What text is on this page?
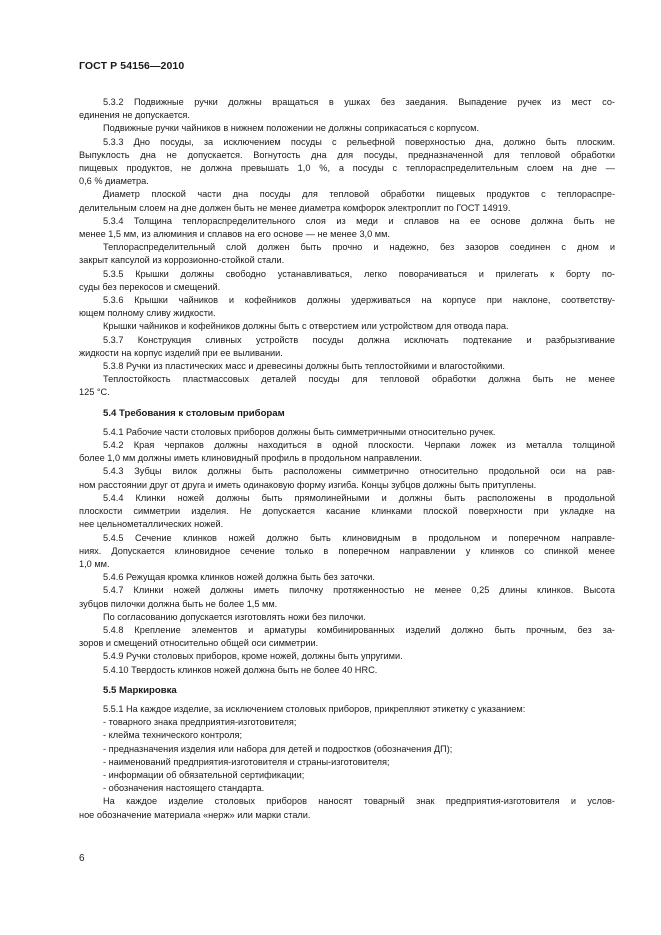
ГОСТ Р 54156—2010
5.3.2 Подвижные ручки должны вращаться в ушках без заедания. Выпадение ручек из мест со-
единения не допускается.
Подвижные ручки чайников в нижнем положении не должны соприкасаться с корпусом.
5.3.3 Дно посуды, за исключением посуды с рельефной поверхностью дна, должно быть плоским.
Выпуклость дна не допускается. Вогнутость дна для посуды, предназначенной для тепловой обработки
пищевых продуктов, не должна превышать 1,0 %, а посуды с теплораспределительным слоем на дне —
0,6 % диаметра.
Диаметр плоской части дна посуды для тепловой обработки пищевых продуктов с теплораспре-
делительным слоем на дне должен быть не менее диаметра комфорок электроплит по ГОСТ 14919.
5.3.4 Толщина теплораспределительного слоя из меди и сплавов на ее основе должна быть не
менее 1,5 мм, из алюминия и сплавов на его основе — не менее 3,0 мм.
Теплораспределительный слой должен быть прочно и надежно, без зазоров соединен с дном и
закрыт капсулой из коррозионно-стойкой стали.
5.3.5 Крышки должны свободно устанавливаться, легко поворачиваться и прилегать к борту по-
суды без перекосов и смещений.
5.3.6 Крышки чайников и кофейников должны удерживаться на корпусе при наклоне, соответству-
ющем полному сливу жидкости.
Крышки чайников и кофейников должны быть с отверстием или устройством для отвода пара.
5.3.7 Конструкция сливных устройств посуды должна исключать подтекание и разбрызгивание
жидкости на корпус изделий при ее выливании.
5.3.8 Ручки из пластических масс и древесины должны быть теплостойкими и влагостойкими.
Теплостойкость пластмассовых деталей посуды для тепловой обработки должна быть не менее
125 °С.
5.4 Требования к столовым приборам
5.4.1 Рабочие части столовых приборов должны быть симметричными относительно ручек.
5.4.2 Края черпаков должны находиться в одной плоскости. Черпаки ложек из металла толщиной
более 1,0 мм должны иметь клиновидный профиль в продольном направлении.
5.4.3 Зубцы вилок должны быть расположены симметрично относительно продольной оси на рав-
ном расстоянии друг от друга и иметь одинаковую форму изгиба. Концы зубцов должны быть притуплены.
5.4.4 Клинки ножей должны быть прямолинейными и должны быть расположены в продольной
плоскости симметрии изделия. Не допускается касание клинками плоской поверхности при укладке на
нее цельнометаллических ножей.
5.4.5 Сечение клинков ножей должно быть клиновидным в продольном и поперечном направле-
ниях. Допускается клиновидное сечение только в поперечном направлении у клинков со спинкой менее
1,0 мм.
5.4.6 Режущая кромка клинков ножей должна быть без заточки.
5.4.7 Клинки ножей должны иметь пилочку протяженностью не менее 0,25 длины клинков. Высота
зубцов пилочки должна быть не более 1,5 мм.
По согласованию допускается изготовлять ножи без пилочки.
5.4.8 Крепление элементов и арматуры комбинированных изделий должно быть прочным, без за-
зоров и смещений относительно общей оси симметрии.
5.4.9 Ручки столовых приборов, кроме ножей, должны быть упругими.
5.4.10 Твердость клинков ножей должна быть не более 40 HRC.
5.5 Маркировка
5.5.1 На каждое изделие, за исключением столовых приборов, прикрепляют этикетку с указанием:
- товарного знака предприятия-изготовителя;
- клейма технического контроля;
- предназначения изделия или набора для детей и подростков (обозначения ДП);
- наименований предприятия-изготовителя и страны-изготовителя;
- информации об обязательной сертификации;
- обозначения настоящего стандарта.
На каждое изделие столовых приборов наносят товарный знак предприятия-изготовителя и услов-
ное обозначение материала «нерж» или марки стали.
6
